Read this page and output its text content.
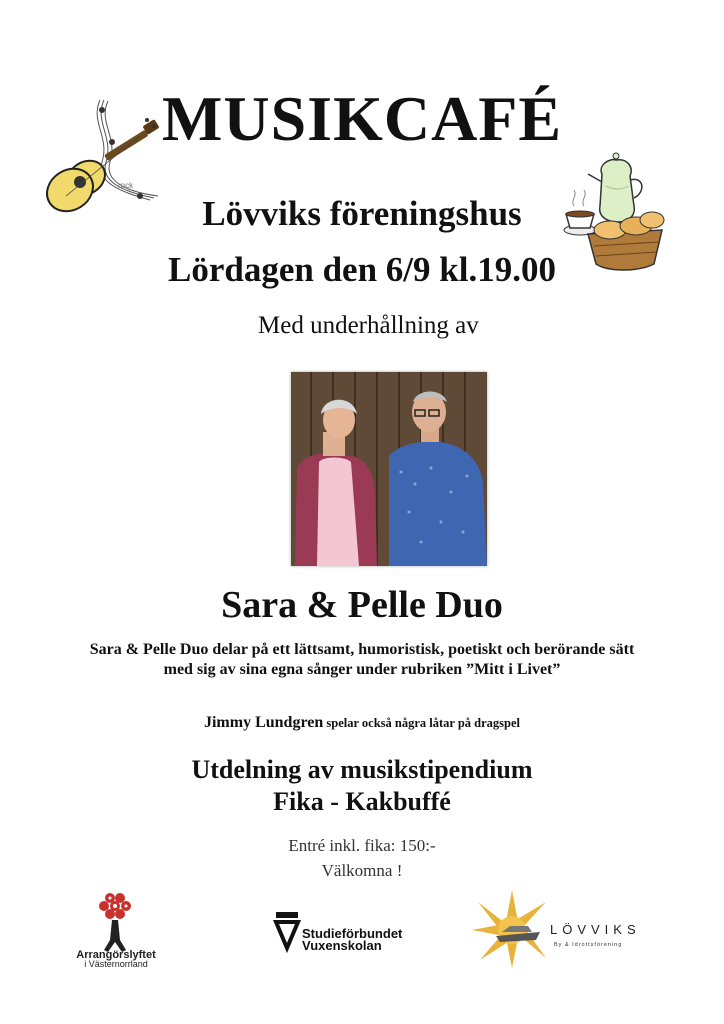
rock
MUSIKCAFÉ
Lövviks föreningshus
Lördagen den 6/9 kl.19.00
Med underhållning av
Sara & Pelle Duo
Sara & Pelle Duo delar på ett lättsamt, humoristisk, poetiskt och berörande sätt med sig av sina egna sånger under rubriken ”Mitt i Livet”
Jimmy Lundgren spelar också några låtar på dragspel
Utdelning av musikstipendium
Fika - Kakbuffé
Entré inkl. fika: 150:-
Välkomna !
Arrangörslyftet
i Västernorrland
Studieförbundet
Vuxenskolan
LÖVVIKS
By & Idrottsförening
